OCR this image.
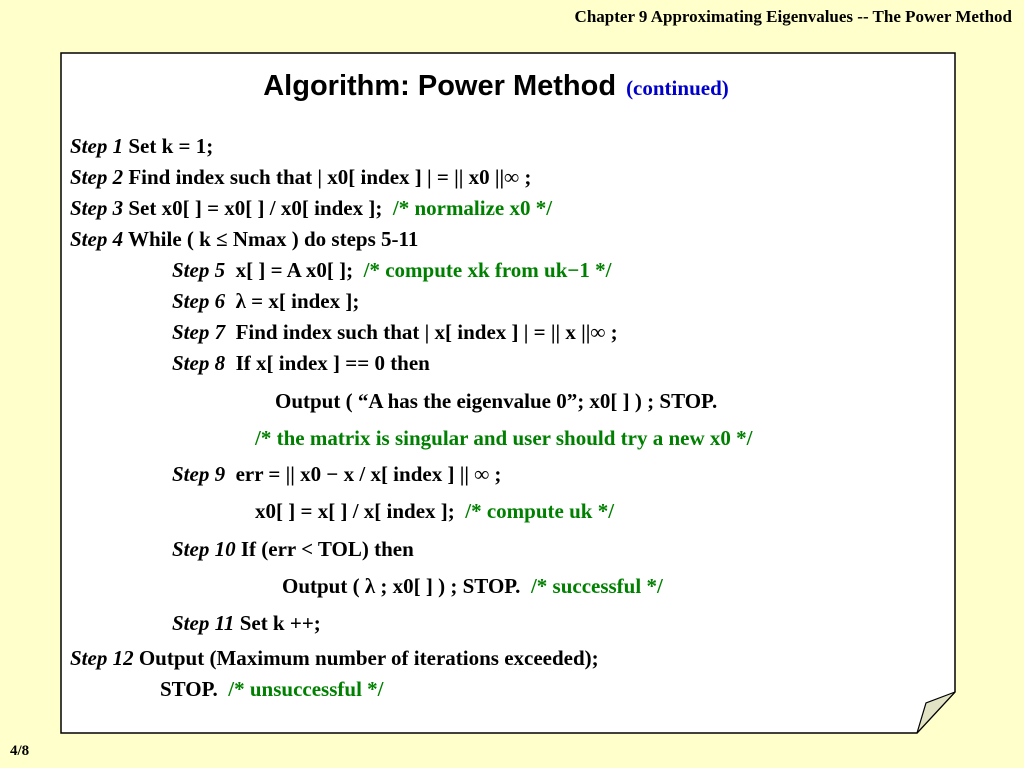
Chapter 9 Approximating Eigenvalues -- The Power Method
Algorithm: Power Method (continued)
Step 1 Set k = 1;
Step 2 Find index such that | x0[ index ] | = || x0 ||∞ ;
Step 3 Set x0[ ] = x0[ ] / x0[ index ]; /* normalize x0 */
Step 4 While ( k ≤ Nmax ) do steps 5-11
Step 5 x[ ] = A x0[ ]; /* compute xk from uk−1 */
Step 6 λ = x[ index ];
Step 7 Find index such that | x[ index ] | = || x ||∞ ;
Step 8 If x[ index ] == 0 then
Output ( “A has the eigenvalue 0”; x0[ ] ) ; STOP.
/* the matrix is singular and user should try a new x0 */
Step 9 err = || x0 − x / x[ index ] || ∞ ;
x0[ ] = x[ ] / x[ index ]; /* compute uk */
Step 10 If (err < TOL) then
Output ( λ ; x0[ ] ) ; STOP. /* successful */
Step 11 Set k ++;
Step 12 Output (Maximum number of iterations exceeded);
STOP. /* unsuccessful */
4/8
